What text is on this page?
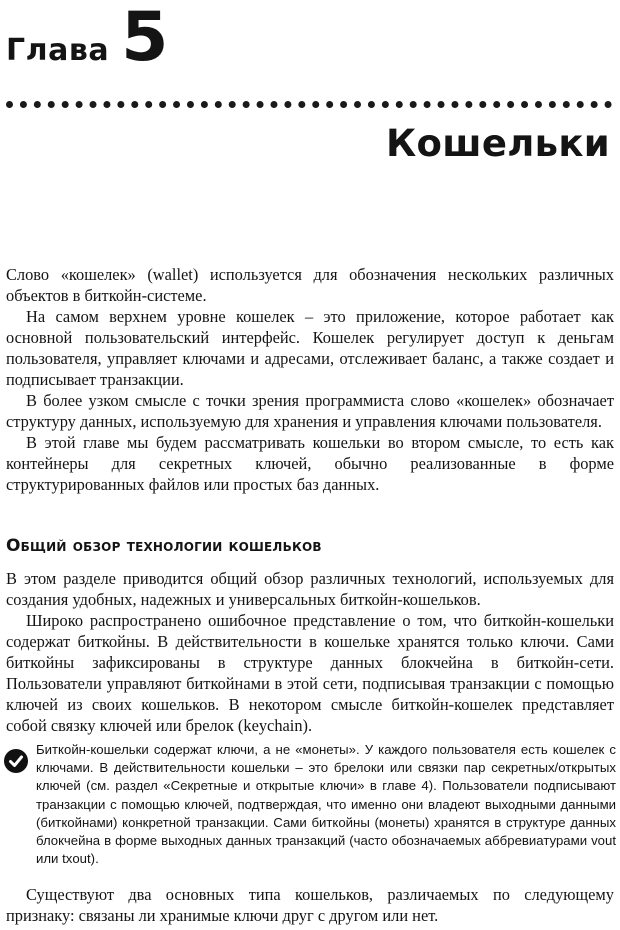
Глава 5
Кошельки

Слово «кошелек» (wallet) используется для обозначения нескольких различных объектов в биткойн-системе.

На самом верхнем уровне кошелек – это приложение, которое работает как основной пользовательский интерфейс. Кошелек регулирует доступ к деньгам пользователя, управляет ключами и адресами, отслеживает баланс, а также создает и подписывает транзакции.

В более узком смысле с точки зрения программиста слово «кошелек» обозначает структуру данных, используемую для хранения и управления ключами пользователя.

В этой главе мы будем рассматривать кошельки во втором смысле, то есть как контейнеры для секретных ключей, обычно реализованные в форме структурированных файлов или простых баз данных.

Общий обзор технологии кошельков

В этом разделе приводится общий обзор различных технологий, используемых для создания удобных, надежных и универсальных биткойн-кошельков.

Широко распространено ошибочное представление о том, что биткойн-кошельки содержат биткойны. В действительности в кошельке хранятся только ключи. Сами биткойны зафиксированы в структуре данных блокчейна в биткойн-сети. Пользователи управляют биткойнами в этой сети, подписывая транзакции с помощью ключей из своих кошельков. В некотором смысле биткойн-кошелек представляет собой связку ключей или брелок (keychain).

Биткойн-кошельки содержат ключи, а не «монеты». У каждого пользователя есть кошелек с ключами. В действительности кошельки – это брелоки или связки пар секретных/открытых ключей (см. раздел «Секретные и открытые ключи» в главе 4). Пользователи подписывают транзакции с помощью ключей, подтверждая, что именно они владеют выходными данными (биткойнами) конкретной транзакции. Сами биткойны (монеты) хранятся в структуре данных блокчейна в форме выходных данных транзакций (часто обозначаемых аббревиатурами vout или txout).

Существуют два основных типа кошельков, различаемых по следующему признаку: связаны ли хранимые ключи друг с другом или нет.
